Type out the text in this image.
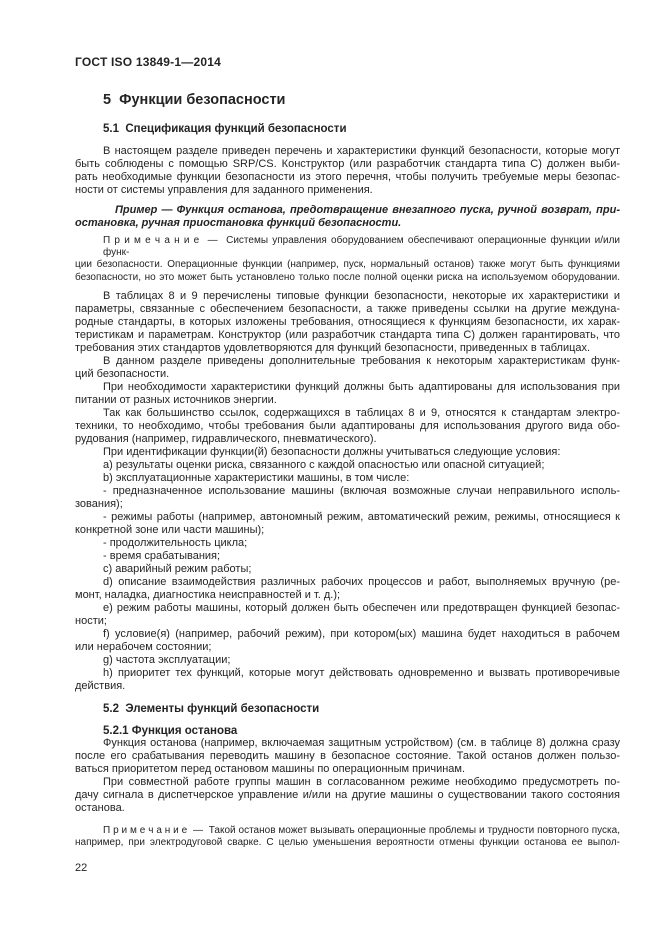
ГОСТ ISO 13849-1—2014
5  Функции безопасности
5.1  Спецификация функций безопасности
В настоящем разделе приведен перечень и характеристики функций безопасности, которые могут
быть соблюдены с помощью SRP/CS. Конструктор (или разработчик стандарта типа С) должен выби-
рать необходимые функции безопасности из этого перечня, чтобы получить требуемые меры безопас-
ности от системы управления для заданного применения.
Пример — Функция останова, предотвращение внезапного пуска, ручной возврат, при-
остановка, ручная приостановка функций безопасности.
П р и м е ч а н и е  —  Системы управления оборудованием обеспечивают операционные функции и/или функ-
ции безопасности. Операционные функции (например, пуск, нормальный останов) также могут быть функциями
безопасности, но это может быть установлено только после полной оценки риска на используемом оборудовании.
В таблицах 8 и 9 перечислены типовые функции безопасности, некоторые их характеристики и
параметры, связанные с обеспечением безопасности, а также приведены ссылки на другие междуна-
родные стандарты, в которых изложены требования, относящиеся к функциям безопасности, их харак-
теристикам и параметрам. Конструктор (или разработчик стандарта типа С) должен гарантировать, что
требования этих стандартов удовлетворяются для функций безопасности, приведенных в таблицах.
В данном разделе приведены дополнительные требования к некоторым характеристикам функ-
ций безопасности.
При необходимости характеристики функций должны быть адаптированы для использования при
питании от разных источников энергии.
Так как большинство ссылок, содержащихся в таблицах 8 и 9, относятся к стандартам электро-
техники, то необходимо, чтобы требования были адаптированы для использования другого вида обо-
рудования (например, гидравлического, пневматического).
При идентификации функции(й) безопасности должны учитываться следующие условия:
a) результаты оценки риска, связанного с каждой опасностью или опасной ситуацией;
b) эксплуатационные характеристики машины, в том числе:
- предназначенное использование машины (включая возможные случаи неправильного исполь-
зования);
- режимы работы (например, автономный режим, автоматический режим, режимы, относящиеся к
конкретной зоне или части машины);
- продолжительность цикла;
- время срабатывания;
c) аварийный режим работы;
d) описание взаимодействия различных рабочих процессов и работ, выполняемых вручную (ре-
монт, наладка, диагностика неисправностей и т. д.);
e) режим работы машины, который должен быть обеспечен или предотвращен функцией безопас-
ности;
f) условие(я) (например, рабочий режим), при котором(ых) машина будет находиться в рабочем
или нерабочем состоянии;
g) частота эксплуатации;
h) приоритет тех функций, которые могут действовать одновременно и вызвать противоречивые
действия.
5.2  Элементы функций безопасности
5.2.1 Функция останова
Функция останова (например, включаемая защитным устройством) (см. в таблице 8) должна сразу
после его срабатывания переводить машину в безопасное состояние. Такой останов должен пользо-
ваться приоритетом перед остановом машины по операционным причинам.
При совместной работе группы машин в согласованном режиме необходимо предусмотреть по-
дачу сигнала в диспетчерское управление и/или на другие машины о существовании такого состояния
останова.
П р и м е ч а н и е  —  Такой останов может вызывать операционные проблемы и трудности повторного пуска,
например, при электродуговой сварке. С целью уменьшения вероятности отмены функции останова ее выпол-
22
